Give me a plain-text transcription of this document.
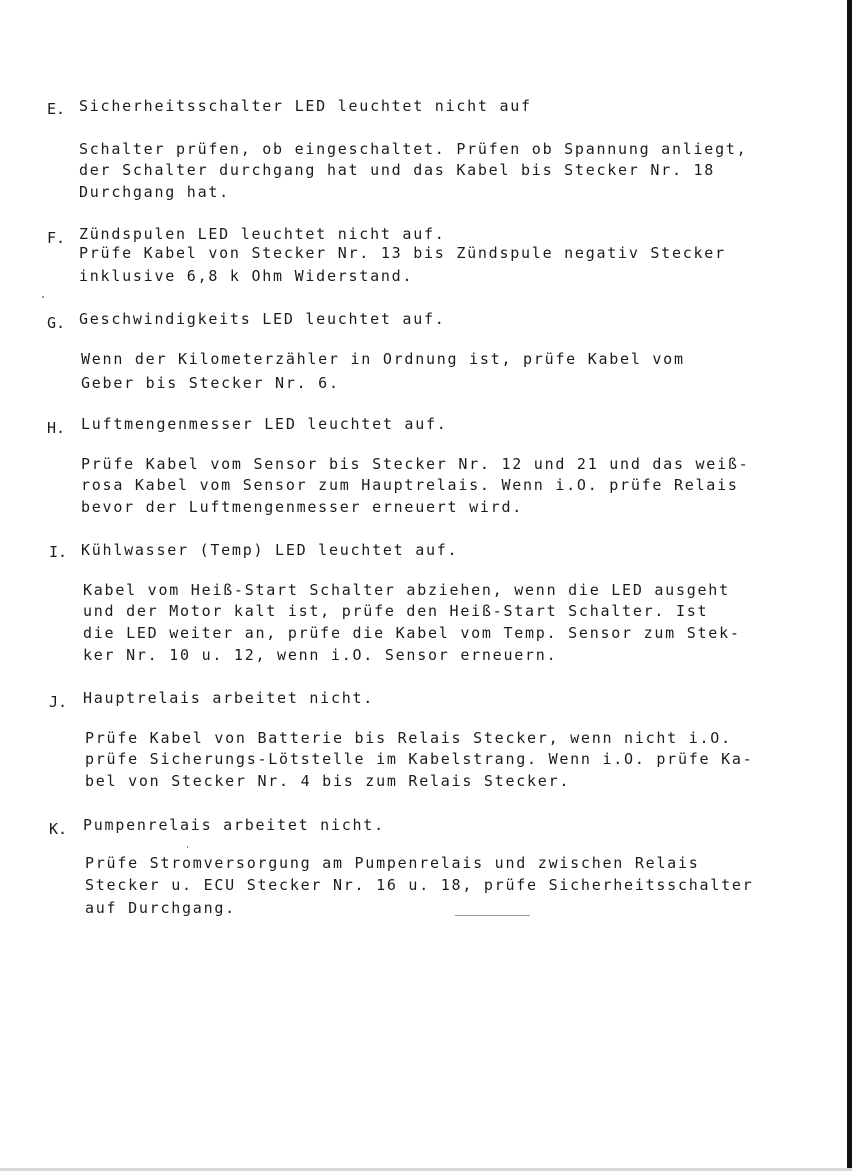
E. Sicherheitsschalter LED leuchtet nicht auf
Schalter prüfen, ob eingeschaltet. Prüfen ob Spannung anliegt,
der Schalter durchgang hat und das Kabel bis Stecker Nr. 18
Durchgang hat.
F. Zündspulen LED leuchtet nicht auf.
Prüfe Kabel von Stecker Nr. 13 bis Zündspule negativ Stecker
inklusive 6,8 k Ohm Widerstand.
G. Geschwindigkeits LED leuchtet auf.
Wenn der Kilometerzähler in Ordnung ist, prüfe Kabel vom
Geber bis Stecker Nr. 6.
H. Luftmengenmesser LED leuchtet auf.
Prüfe Kabel vom Sensor bis Stecker Nr. 12 und 21 und das weiß-
rosa Kabel vom Sensor zum Hauptrelais. Wenn i.O. prüfe Relais
bevor der Luftmengenmesser erneuert wird.
I. Kühlwasser (Temp) LED leuchtet auf.
Kabel vom Heiß-Start Schalter abziehen, wenn die LED ausgeht
und der Motor kalt ist, prüfe den Heiß-Start Schalter. Ist
die LED weiter an, prüfe die Kabel vom Temp. Sensor zum Stek-
ker Nr. 10 u. 12, wenn i.O. Sensor erneuern.
J. Hauptrelais arbeitet nicht.
Prüfe Kabel von Batterie bis Relais Stecker, wenn nicht i.O.
prüfe Sicherungs-Lötstelle im Kabelstrang. Wenn i.O. prüfe Ka-
bel von Stecker Nr. 4 bis zum Relais Stecker.
K. Pumpenrelais arbeitet nicht.
Prüfe Stromversorgung am Pumpenrelais und zwischen Relais
Stecker u. ECU Stecker Nr. 16 u. 18, prüfe Sicherheitsschalter
auf Durchgang.
